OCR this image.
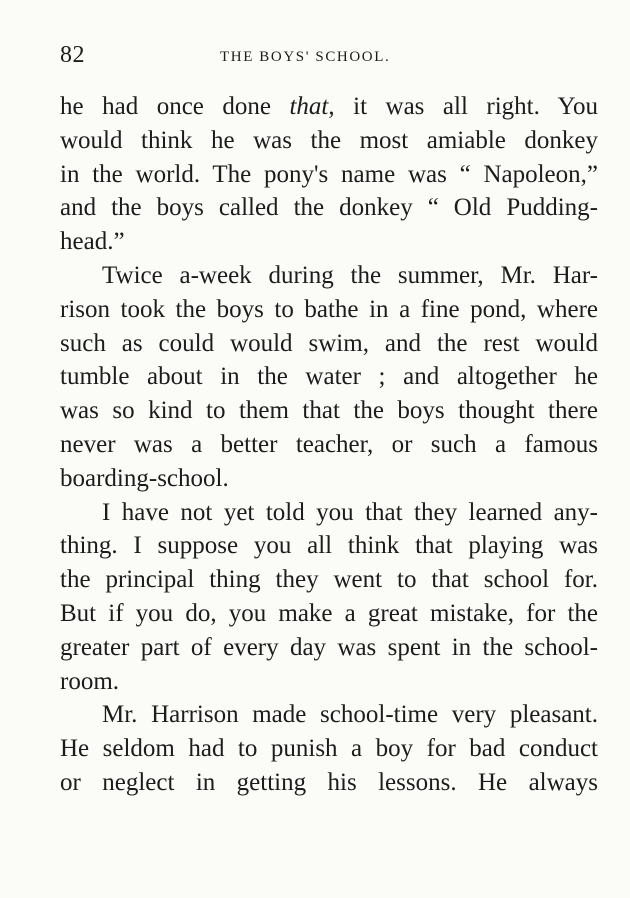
82	THE BOYS' SCHOOL.
he had once done that, it was all right. You
would think he was the most amiable donkey
in the world. The pony's name was “ Napoleon,”
and the boys called the donkey “ Old Pudding-
head.”
Twice a-week during the summer, Mr. Har-
rison took the boys to bathe in a fine pond, where
such as could would swim, and the rest would
tumble about in the water ; and altogether he
was so kind to them that the boys thought there
never was a better teacher, or such a famous
boarding-school.
I have not yet told you that they learned any-
thing. I suppose you all think that playing was
the principal thing they went to that school for.
But if you do, you make a great mistake, for the
greater part of every day was spent in the school-
room.
Mr. Harrison made school-time very pleasant.
He seldom had to punish a boy for bad conduct
or neglect in getting his lessons. He always
